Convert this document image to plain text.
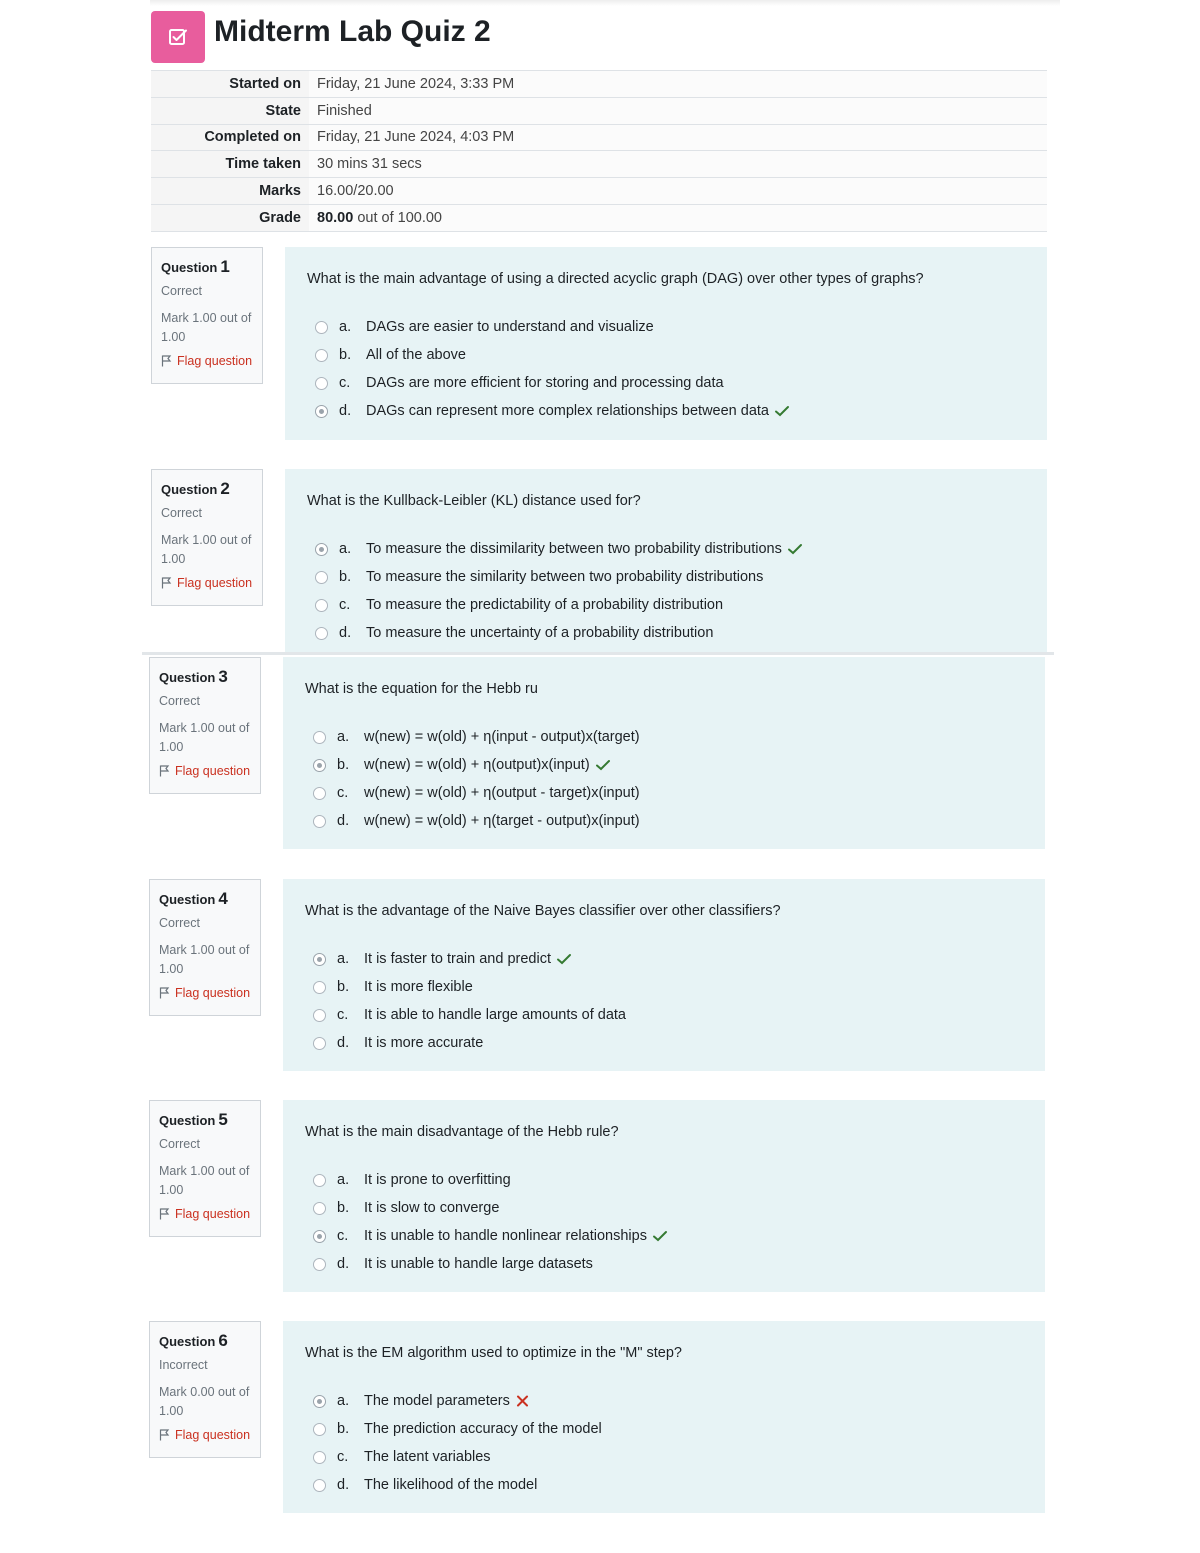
Midterm Lab Quiz 2
Started on	Friday, 21 June 2024, 3:33 PM
State	Finished
Completed on	Friday, 21 June 2024, 4:03 PM
Time taken	30 mins 31 secs
Marks	16.00/20.00
Grade	80.00 out of 100.00
Question 1
Correct
Mark 1.00 out of 1.00
Flag question
What is the main advantage of using a directed acyclic graph (DAG) over other types of graphs?
a.	DAGs are easier to understand and visualize
b.	All of the above
c.	DAGs are more efficient for storing and processing data
d.	DAGs can represent more complex relationships between data
Question 2
Correct
Mark 1.00 out of 1.00
Flag question
What is the Kullback-Leibler (KL) distance used for?
a.	To measure the dissimilarity between two probability distributions
b.	To measure the similarity between two probability distributions
c.	To measure the predictability of a probability distribution
d.	To measure the uncertainty of a probability distribution
Question 3
Correct
Mark 1.00 out of 1.00
Flag question
What is the equation for the Hebb ru
a.	w(new) = w(old) + η(input - output)x(target)
b.	w(new) = w(old) + η(output)x(input)
c.	w(new) = w(old) + η(output - target)x(input)
d.	w(new) = w(old) + η(target - output)x(input)
Question 4
Correct
Mark 1.00 out of 1.00
Flag question
What is the advantage of the Naive Bayes classifier over other classifiers?
a.	It is faster to train and predict
b.	It is more flexible
c.	It is able to handle large amounts of data
d.	It is more accurate
Question 5
Correct
Mark 1.00 out of 1.00
Flag question
What is the main disadvantage of the Hebb rule?
a.	It is prone to overfitting
b.	It is slow to converge
c.	It is unable to handle nonlinear relationships
d.	It is unable to handle large datasets
Question 6
Incorrect
Mark 0.00 out of 1.00
Flag question
What is the EM algorithm used to optimize in the "M" step?
a.	The model parameters
b.	The prediction accuracy of the model
c.	The latent variables
d.	The likelihood of the model
